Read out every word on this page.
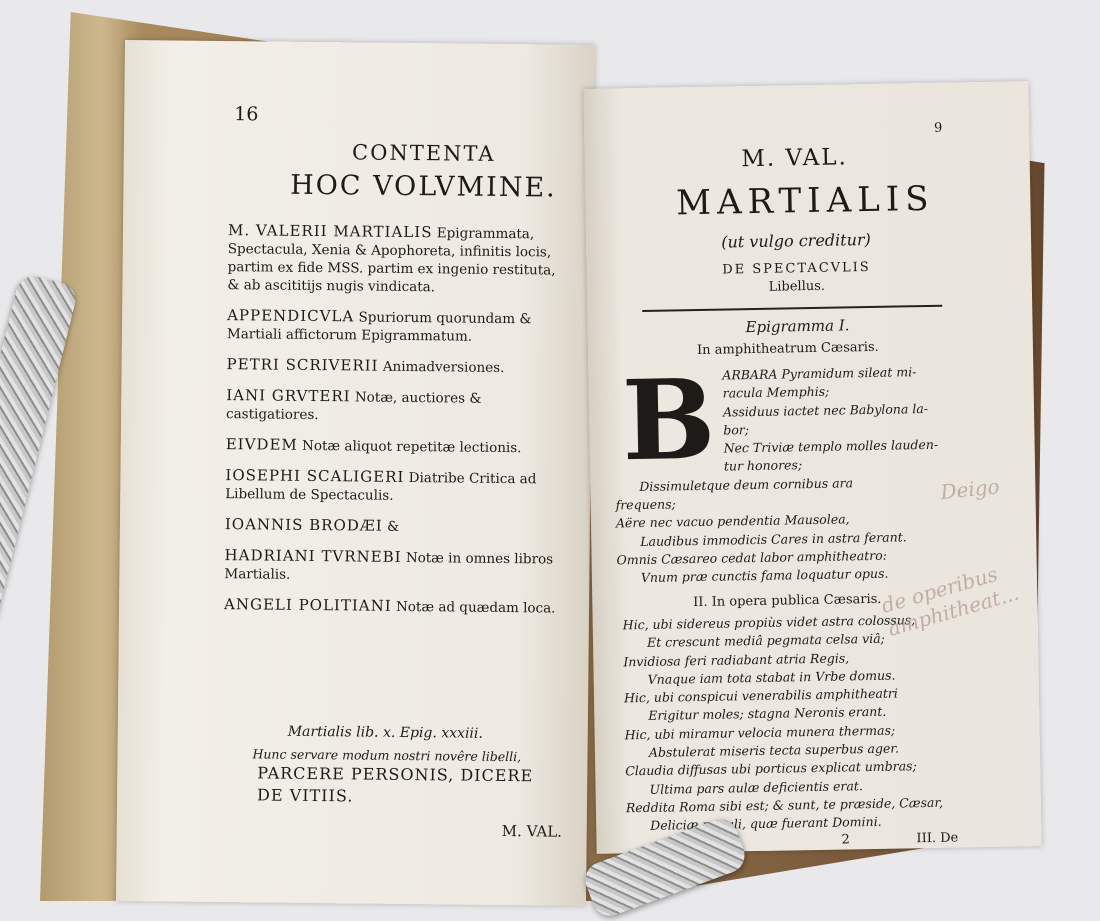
16
CONTENTA
HOC VOLVMINE.

M. VALERII MARTIALIS Epigrammata, Spectacula, Xenia & Apophoreta, infinitis locis, partim ex fide MSS. partim ex ingenio restituta, & ab ascititijs nugis vindicata.

APPENDICVLA Spuriorum quorundam & Martiali affictorum Epigrammatum.

PETRI SCRIVERII Animadversiones.

IANI GRVTERI Notæ, auctiores & castigatiores.

EIVDEM Notæ aliquot repetitæ lectionis.

IOSEPHI SCALIGERI Diatribe Critica ad Libellum de Spectaculis.

IOANNIS BRODÆI &

HADRIANI TVRNEBI Notæ in omnes libros Martialis.

ANGELI POLITIANI Notæ ad quædam loca.

Martialis lib. x. Epig. xxxiii.
Hunc servare modum nostri novêre libelli,
PARCERE PERSONIS, DICERE
DE VITIIS.
M. VAL.
9
M. VAL.
MARTIALIS
(ut vulgo creditur)
DE SPECTACVLIS
Libellus.
Epigramma I.
In amphitheatrum Cæsaris.
B ARBARA Pyramidum sileat mi-
racula Memphis;
Assiduus iactet nec Babylona la-
bor;
Nec Triviæ templo molles lauden-
tur honores;
Dissimuletque deum cornibus ara
frequens;
Aëre nec vacuo pendentia Mausolea,
Laudibus immodicis Cares in astra ferant.
Omnis Cæsareo cedat labor amphitheatro:
Vnum præ cunctis fama loquatur opus.
II. In opera publica Cæsaris.
Hic, ubi sidereus propiùs videt astra colossus,
Et crescunt mediâ pegmata celsa viâ;
Invidiosa feri radiabant atria Regis,
Vnaque iam tota stabat in Vrbe domus.
Hic, ubi conspicui venerabilis amphitheatri
Erigitur moles; stagna Neronis erant.
Hic, ubi miramur velocia munera thermas;
Abstulerat miseris tecta superbus ager.
Claudia diffusas ubi porticus explicat umbras;
Ultima pars aulæ deficientis erat.
Reddita Roma sibi est; & sunt, te præside, Cæsar,
Deliciæ populi, quæ fuerant Domini.
2	III. De
de operibus amphitheat...
Deigo
